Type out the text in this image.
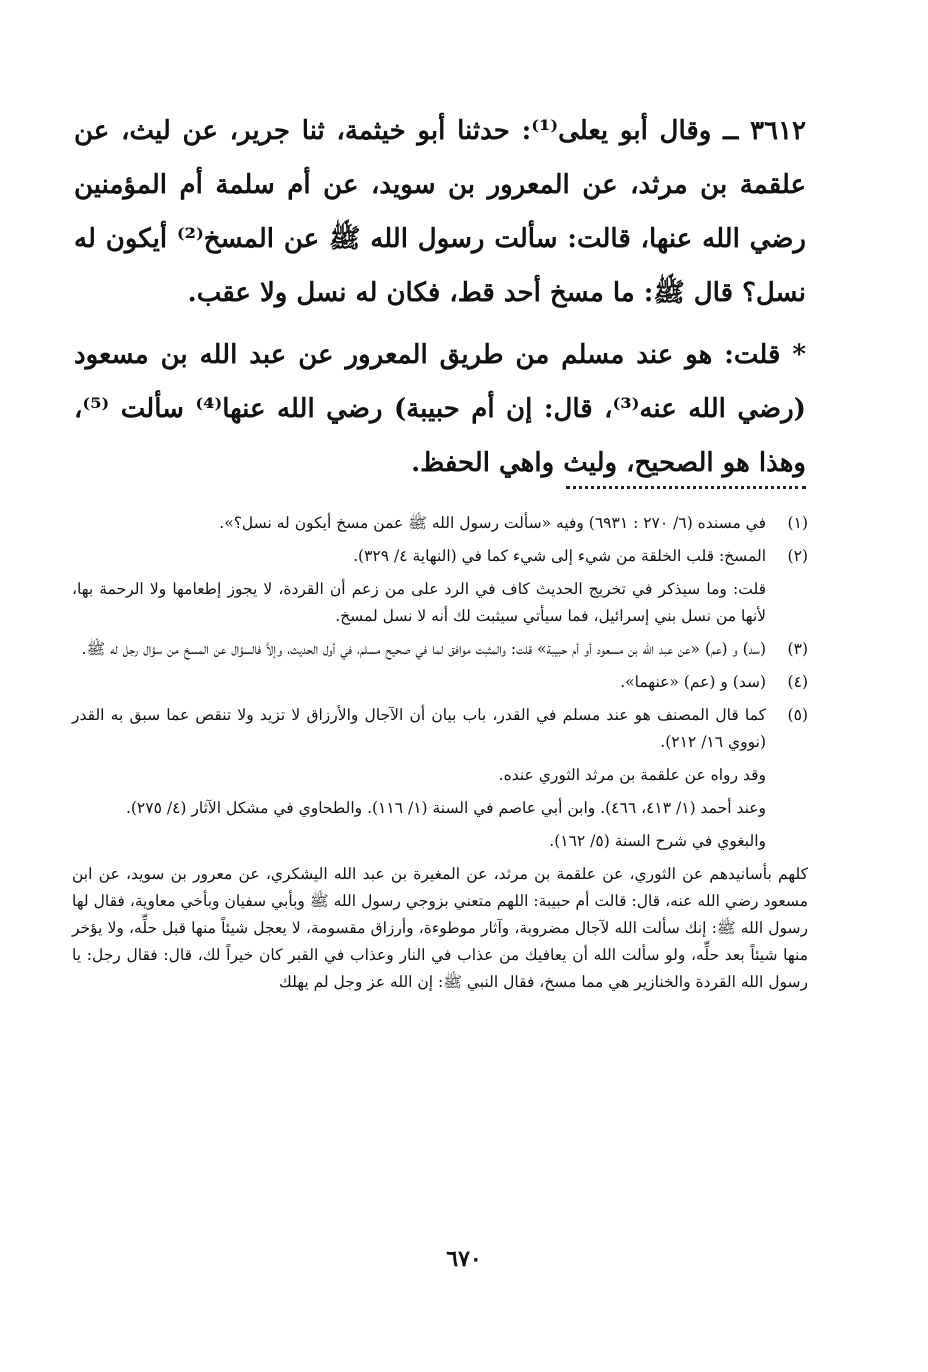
٣٦١٢ ــ وقال أبو يعلى⁽¹⁾: حدثنا أبو خيثمة، ثنا جرير، عن ليث، عن علقمة بن مرثد، عن المعرور بن سويد، عن أم سلمة أم المؤمنين رضي الله عنها، قالت: سألت رسول الله ﷺ عن المسخ⁽²⁾ أيكون له نسل؟ قال ﷺ: ما مسخ أحد قط، فكان له نسل ولا عقب.

* قلت: هو عند مسلم من طريق المعرور عن عبد الله بن مسعود (رضي الله عنه⁽³⁾، قال: إن أم حبيبة) رضي الله عنها⁽⁴⁾ سألت ⁽⁵⁾، وهذا هو الصحيح، وليث واهي الحفظ.

(١)
في مسنده (٦/ ٢٧٠ : ٦٩٣١) وفيه «سألت رسول الله ﷺ عمن مسخ أيكون له نسل؟».
(٢)
المسخ: قلب الخلقة من شيء إلى شيء كما في (النهاية ٤/ ٣٢٩).
قلت: وما سيذكر في تخريج الحديث كاف في الرد على من زعم أن القردة، لا يجوز إطعامها ولا الرحمة بها، لأنها من نسل بني إسرائيل، فما سيأتي سيثبت لك أنه لا نسل لمسخ.
(٣)
(سد) و (عم) «عن عبد الله بن مسعود أو أم حبيبة» قلت: والمثبت موافق لما في صحيح مسلم، في أول الحديث، وإلاَّ فالسؤال عن المسخ من سؤال رجل له ﷺ.
(٤)
(سد) و (عم) «عنهما».
(٥)
كما قال المصنف هو عند مسلم في القدر، باب بيان أن الآجال والأرزاق لا تزيد ولا تنقص عما سبق به القدر (نووي ١٦/ ٢١٢).
وقد رواه عن علقمة بن مرثد الثوري عنده.
وعند أحمد (١/ ٤١٣، ٤٦٦). وابن أبي عاصم في السنة (١/ ١١٦). والطحاوي في مشكل الآثار (٤/ ٢٧٥).
والبغوي في شرح السنة (٥/ ١٦٢).
كلهم بأسانيدهم عن الثوري، عن علقمة بن مرثد، عن المغيرة بن عبد الله اليشكري، عن معرور بن سويد، عن ابن مسعود رضي الله عنه، قال: قالت أم حبيبة: اللهم متعني بزوجي رسول الله ﷺ وبأبي سفيان وبأخي معاوية، فقال لها رسول الله ﷺ: إنك سألت الله لآجال مضروبة، وآثار موطوءة، وأرزاق مقسومة، لا يعجل شيئاً منها قبل حلِّه، ولا يؤخر منها شيئاً بعد حلِّه، ولو سألت الله أن يعافيك من عذاب في النار وعذاب في القبر كان خيراً لك، قال: فقال رجل: يا رسول الله القردة والخنازير هي مما مسخ، فقال النبي ﷺ: إن الله عز وجل لم يهلك
٦٧٠
